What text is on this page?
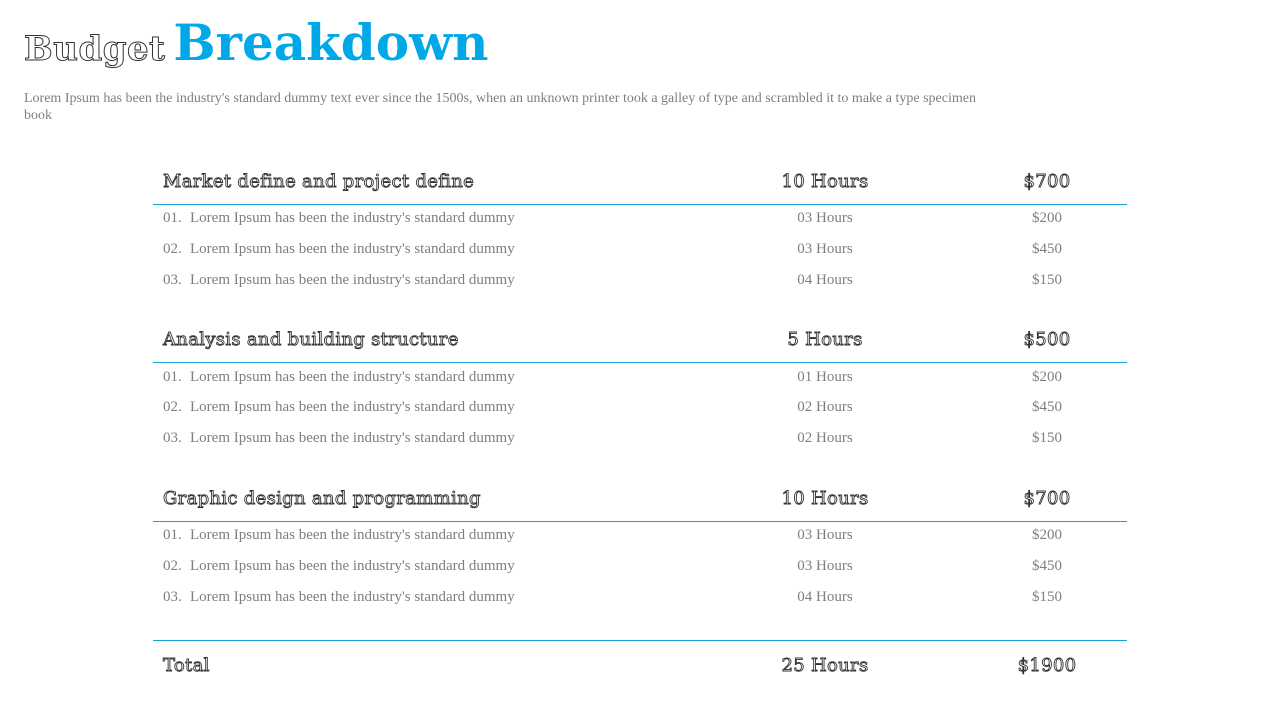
Budget Breakdown

Lorem Ipsum has been the industry's standard dummy text ever since the 1500s, when an unknown printer took a galley of type and scrambled it to make a type specimen book

Market define and project define	10 Hours	$700
01. Lorem Ipsum has been the industry's standard dummy	03 Hours	$200
02. Lorem Ipsum has been the industry's standard dummy	03 Hours	$450
03. Lorem Ipsum has been the industry's standard dummy	04 Hours	$150
Analysis and building structure	5 Hours	$500
01. Lorem Ipsum has been the industry's standard dummy	01 Hours	$200
02. Lorem Ipsum has been the industry's standard dummy	02 Hours	$450
03. Lorem Ipsum has been the industry's standard dummy	02 Hours	$150
Graphic design and programming	10 Hours	$700
01. Lorem Ipsum has been the industry's standard dummy	03 Hours	$200
02. Lorem Ipsum has been the industry's standard dummy	03 Hours	$450
03. Lorem Ipsum has been the industry's standard dummy	04 Hours	$150
Total	25 Hours	$1900
